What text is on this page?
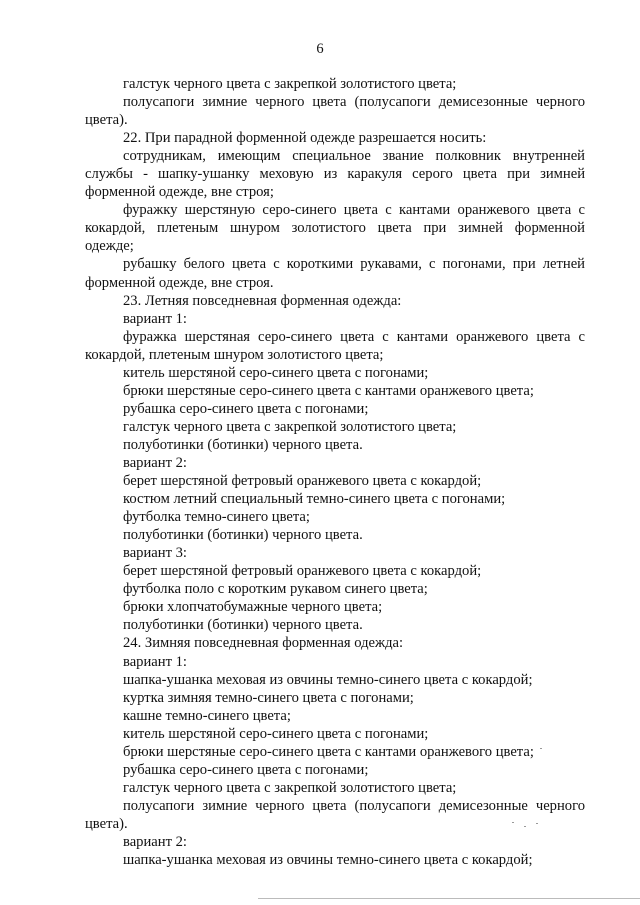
6
галстук черного цвета с закрепкой золотистого цвета;
полусапоги зимние черного цвета (полусапоги демисезонные черного
цвета).
22. При парадной форменной одежде разрешается носить:
сотрудникам, имеющим специальное звание полковник внутренней
службы - шапку-ушанку меховую из каракуля серого цвета при зимней
форменной одежде, вне строя;
фуражку шерстяную серо-синего цвета с кантами оранжевого цвета с
кокардой, плетеным шнуром золотистого цвета при зимней форменной
одежде;
рубашку белого цвета с короткими рукавами, с погонами, при летней
форменной одежде, вне строя.
23. Летняя повседневная форменная одежда:
вариант 1:
фуражка шерстяная серо-синего цвета с кантами оранжевого цвета с
кокардой, плетеным шнуром золотистого цвета;
китель шерстяной серо-синего цвета с погонами;
брюки шерстяные серо-синего цвета с кантами оранжевого цвета;
рубашка серо-синего цвета с погонами;
галстук черного цвета с закрепкой золотистого цвета;
полуботинки (ботинки) черного цвета.
вариант 2:
берет шерстяной фетровый оранжевого цвета с кокардой;
костюм летний специальный темно-синего цвета с погонами;
футболка темно-синего цвета;
полуботинки (ботинки) черного цвета.
вариант 3:
берет шерстяной фетровый оранжевого цвета с кокардой;
футболка поло с коротким рукавом синего цвета;
брюки хлопчатобумажные черного цвета;
полуботинки (ботинки) черного цвета.
24. Зимняя повседневная форменная одежда:
вариант 1:
шапка-ушанка меховая из овчины темно-синего цвета с кокардой;
куртка зимняя темно-синего цвета с погонами;
кашне темно-синего цвета;
китель шерстяной серо-синего цвета с погонами;
брюки шерстяные серо-синего цвета с кантами оранжевого цвета;
рубашка серо-синего цвета с погонами;
галстук черного цвета с закрепкой золотистого цвета;
полусапоги зимние черного цвета (полусапоги демисезонные черного
цвета).
вариант 2:
шапка-ушанка меховая из овчины темно-синего цвета с кокардой;
